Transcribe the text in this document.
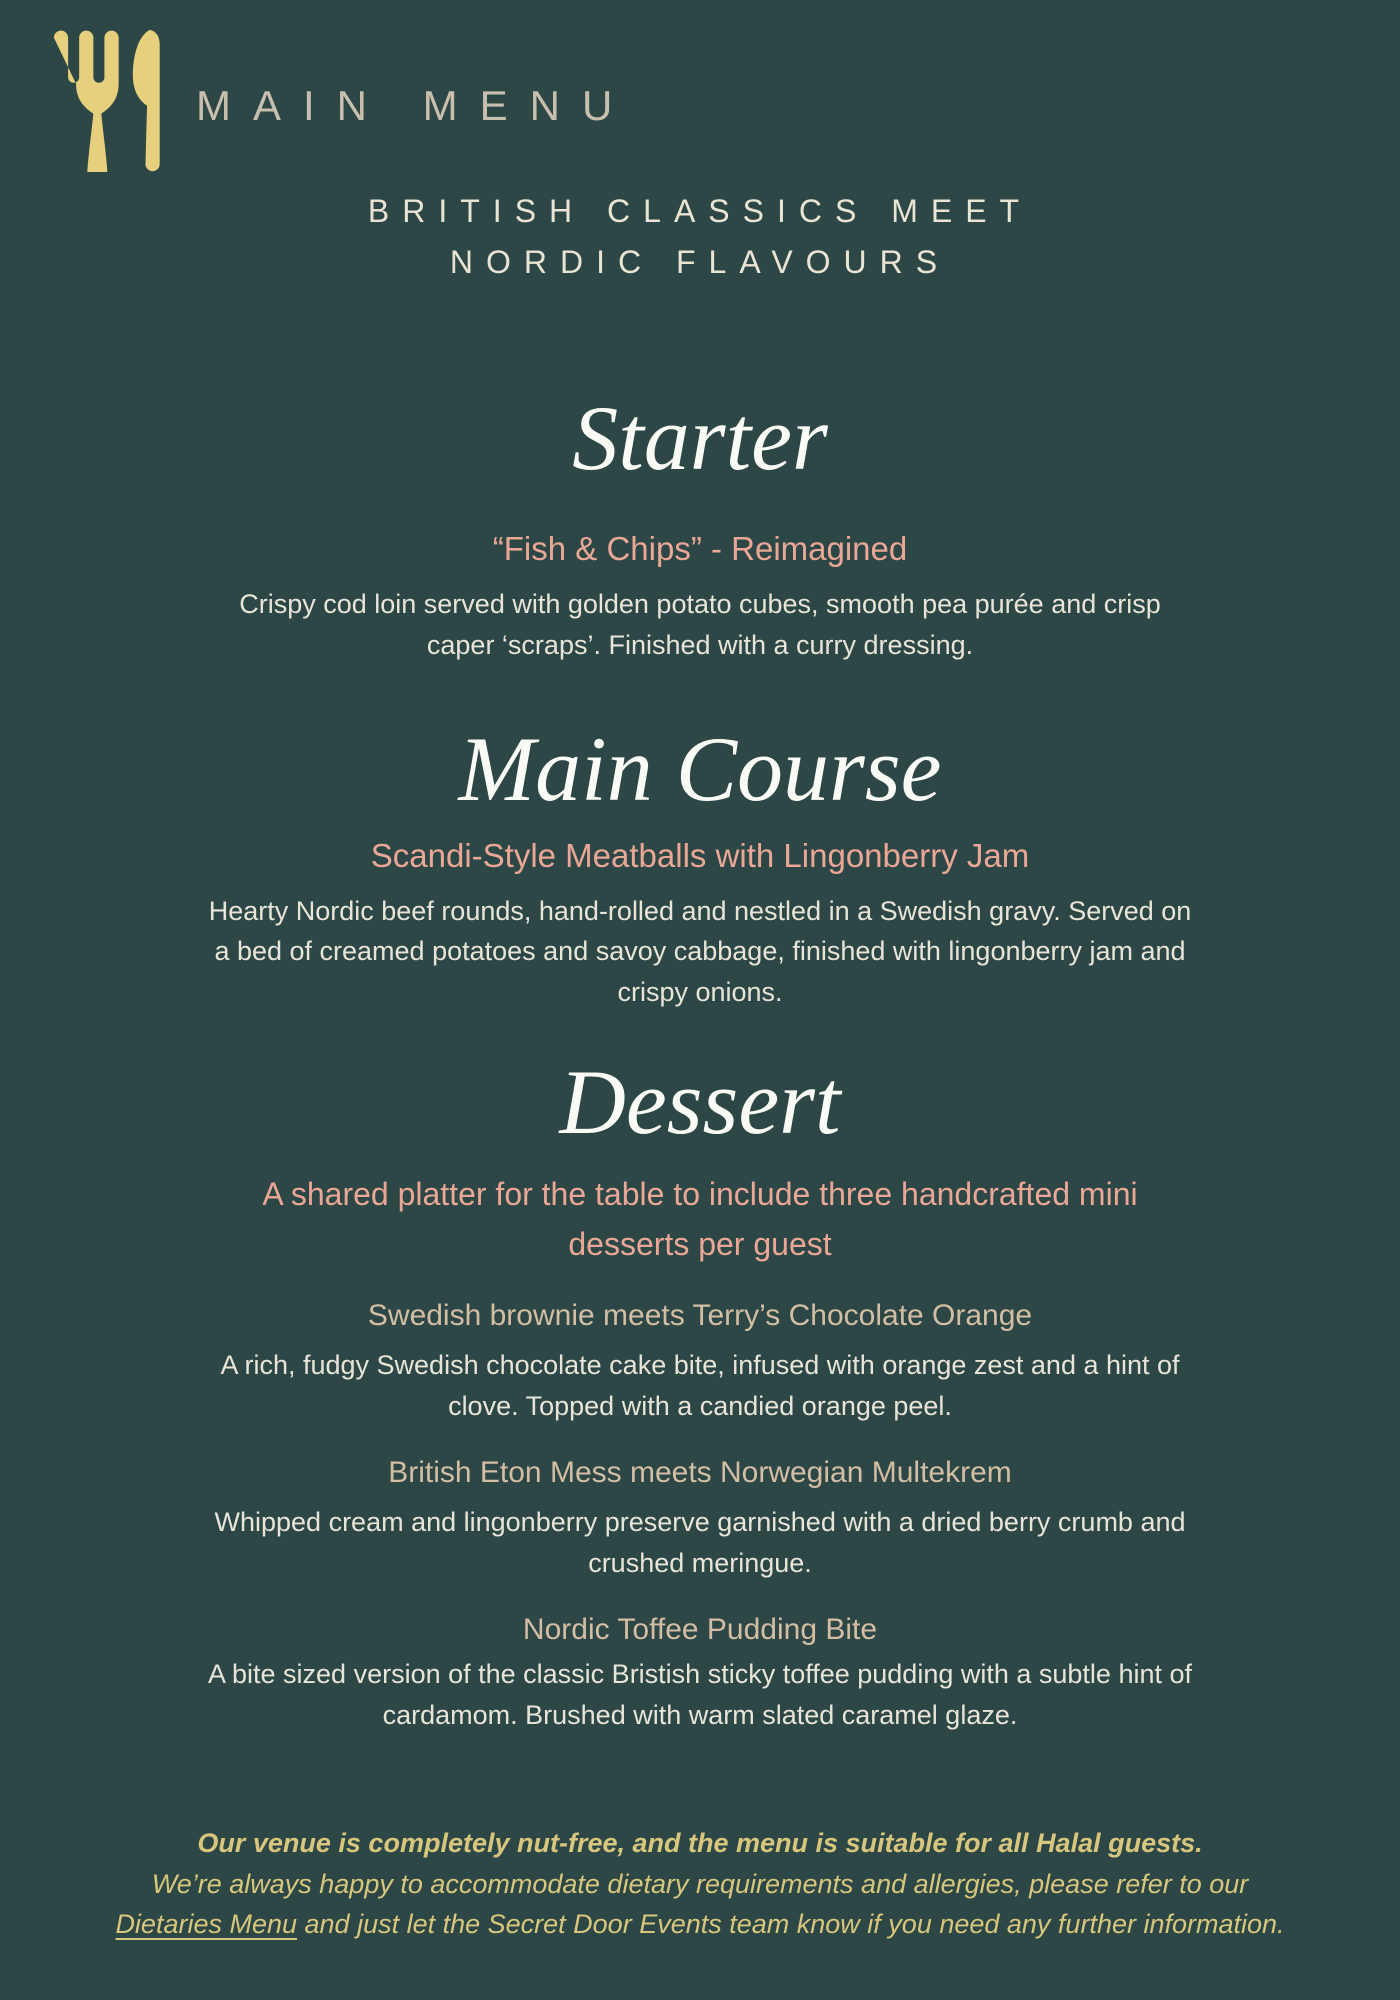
MAIN MENU
BRITISH CLASSICS MEET
NORDIC FLAVOURS
Starter
“Fish & Chips” - Reimagined

Crispy cod loin served with golden potato cubes, smooth pea purée and crisp caper ‘scraps’. Finished with a curry dressing.

Main Course
Scandi-Style Meatballs with Lingonberry Jam

Hearty Nordic beef rounds, hand-rolled and nestled in a Swedish gravy. Served on a bed of creamed potatoes and savoy cabbage, finished with lingonberry jam and crispy onions.

Dessert
A shared platter for the table to include three handcrafted mini desserts per guest
Swedish brownie meets Terry’s Chocolate Orange

A rich, fudgy Swedish chocolate cake bite, infused with orange zest and a hint of clove. Topped with a candied orange peel.

British Eton Mess meets Norwegian Multekrem

Whipped cream and lingonberry preserve garnished with a dried berry crumb and crushed meringue.

Nordic Toffee Pudding Bite

A bite sized version of the classic Bristish sticky toffee pudding with a subtle hint of cardamom. Brushed with warm slated caramel glaze.

Our venue is completely nut-free, and the menu is suitable for all Halal guests.
We’re always happy to accommodate dietary requirements and allergies, please refer to our Dietaries Menu and just let the Secret Door Events team know if you need any further information.
